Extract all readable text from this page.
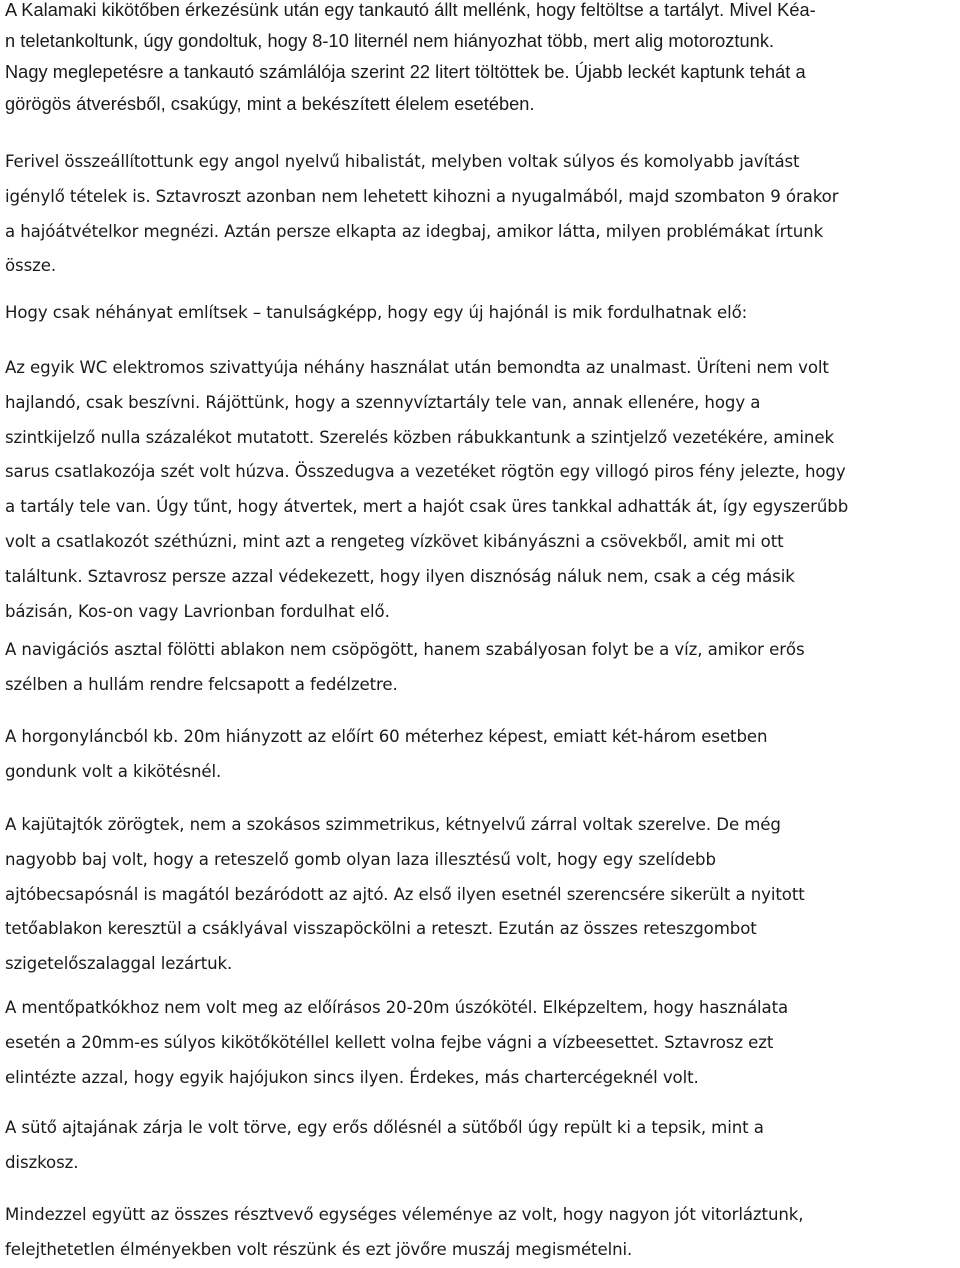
A Kalamaki kikötőben érkezésünk után egy tankautó állt mellénk, hogy feltöltse a tartályt. Mivel Kéa-
n teletankoltunk, úgy gondoltuk, hogy 8-10 liternél nem hiányozhat több, mert alig motoroztunk.
Nagy meglepetésre a tankautó számlálója szerint 22 litert töltöttek be. Újabb leckét kaptunk tehát a
görögös átverésből, csakúgy, mint a bekészített élelem esetében.

Ferivel összeállítottunk egy angol nyelvű hibalistát, melyben voltak súlyos és komolyabb javítást
igénylő tételek is. Sztavroszt azonban nem lehetett kihozni a nyugalmából, majd szombaton 9 órakor
a hajóátvételkor megnézi. Aztán persze elkapta az idegbaj, amikor látta, milyen problémákat írtunk
össze.

Hogy csak néhányat említsek – tanulságképp, hogy egy új hajónál is mik fordulhatnak elő:

Az egyik WC elektromos szivattyúja néhány használat után bemondta az unalmast. Üríteni nem volt
hajlandó, csak beszívni. Rájöttünk, hogy a szennyvíztartály tele van, annak ellenére, hogy a
szintkijelző nulla százalékot mutatott. Szerelés közben rábukkantunk a szintjelző vezetékére, aminek
sarus csatlakozója szét volt húzva. Összedugva a vezetéket rögtön egy villogó piros fény jelezte, hogy
a tartály tele van. Úgy tűnt, hogy átvertek, mert a hajót csak üres tankkal adhatták át, így egyszerűbb
volt a csatlakozót széthúzni, mint azt a rengeteg vízkövet kibányászni a csövekből, amit mi ott
találtunk. Sztavrosz persze azzal védekezett, hogy ilyen disznóság náluk nem, csak a cég másik
bázisán, Kos-on vagy Lavrionban fordulhat elő.

A navigációs asztal fölötti ablakon nem csöpögött, hanem szabályosan folyt be a víz, amikor erős
szélben a hullám rendre felcsapott a fedélzetre.

A horgonyláncból kb. 20m hiányzott az előírt 60 méterhez képest, emiatt két-három esetben
gondunk volt a kikötésnél.

A kajütajtók zörögtek, nem a szokásos szimmetrikus, kétnyelvű zárral voltak szerelve. De még
nagyobb baj volt, hogy a reteszelő gomb olyan laza illesztésű volt, hogy egy szelídebb
ajtóbecsapósnál is magától bezáródott az ajtó. Az első ilyen esetnél szerencsére sikerült a nyitott
tetőablakon keresztül a csáklyával visszapöckölni a reteszt. Ezután az összes reteszgombot
szigetelőszalaggal lezártuk.

A mentőpatkókhoz nem volt meg az előírásos 20-20m úszókötél. Elképzeltem, hogy használata
esetén a 20mm-es súlyos kikötőkötéllel kellett volna fejbe vágni a vízbeesettet. Sztavrosz ezt
elintézte azzal, hogy egyik hajójukon sincs ilyen. Érdekes, más chartercégeknél volt.

A sütő ajtajának zárja le volt törve, egy erős dőlésnél a sütőből úgy repült ki a tepsik, mint a
diszkosz.

Mindezzel együtt az összes résztvevő egységes véleménye az volt, hogy nagyon jót vitorláztunk,
felejthetetlen élményekben volt részünk és ezt jövőre muszáj megismételni.
